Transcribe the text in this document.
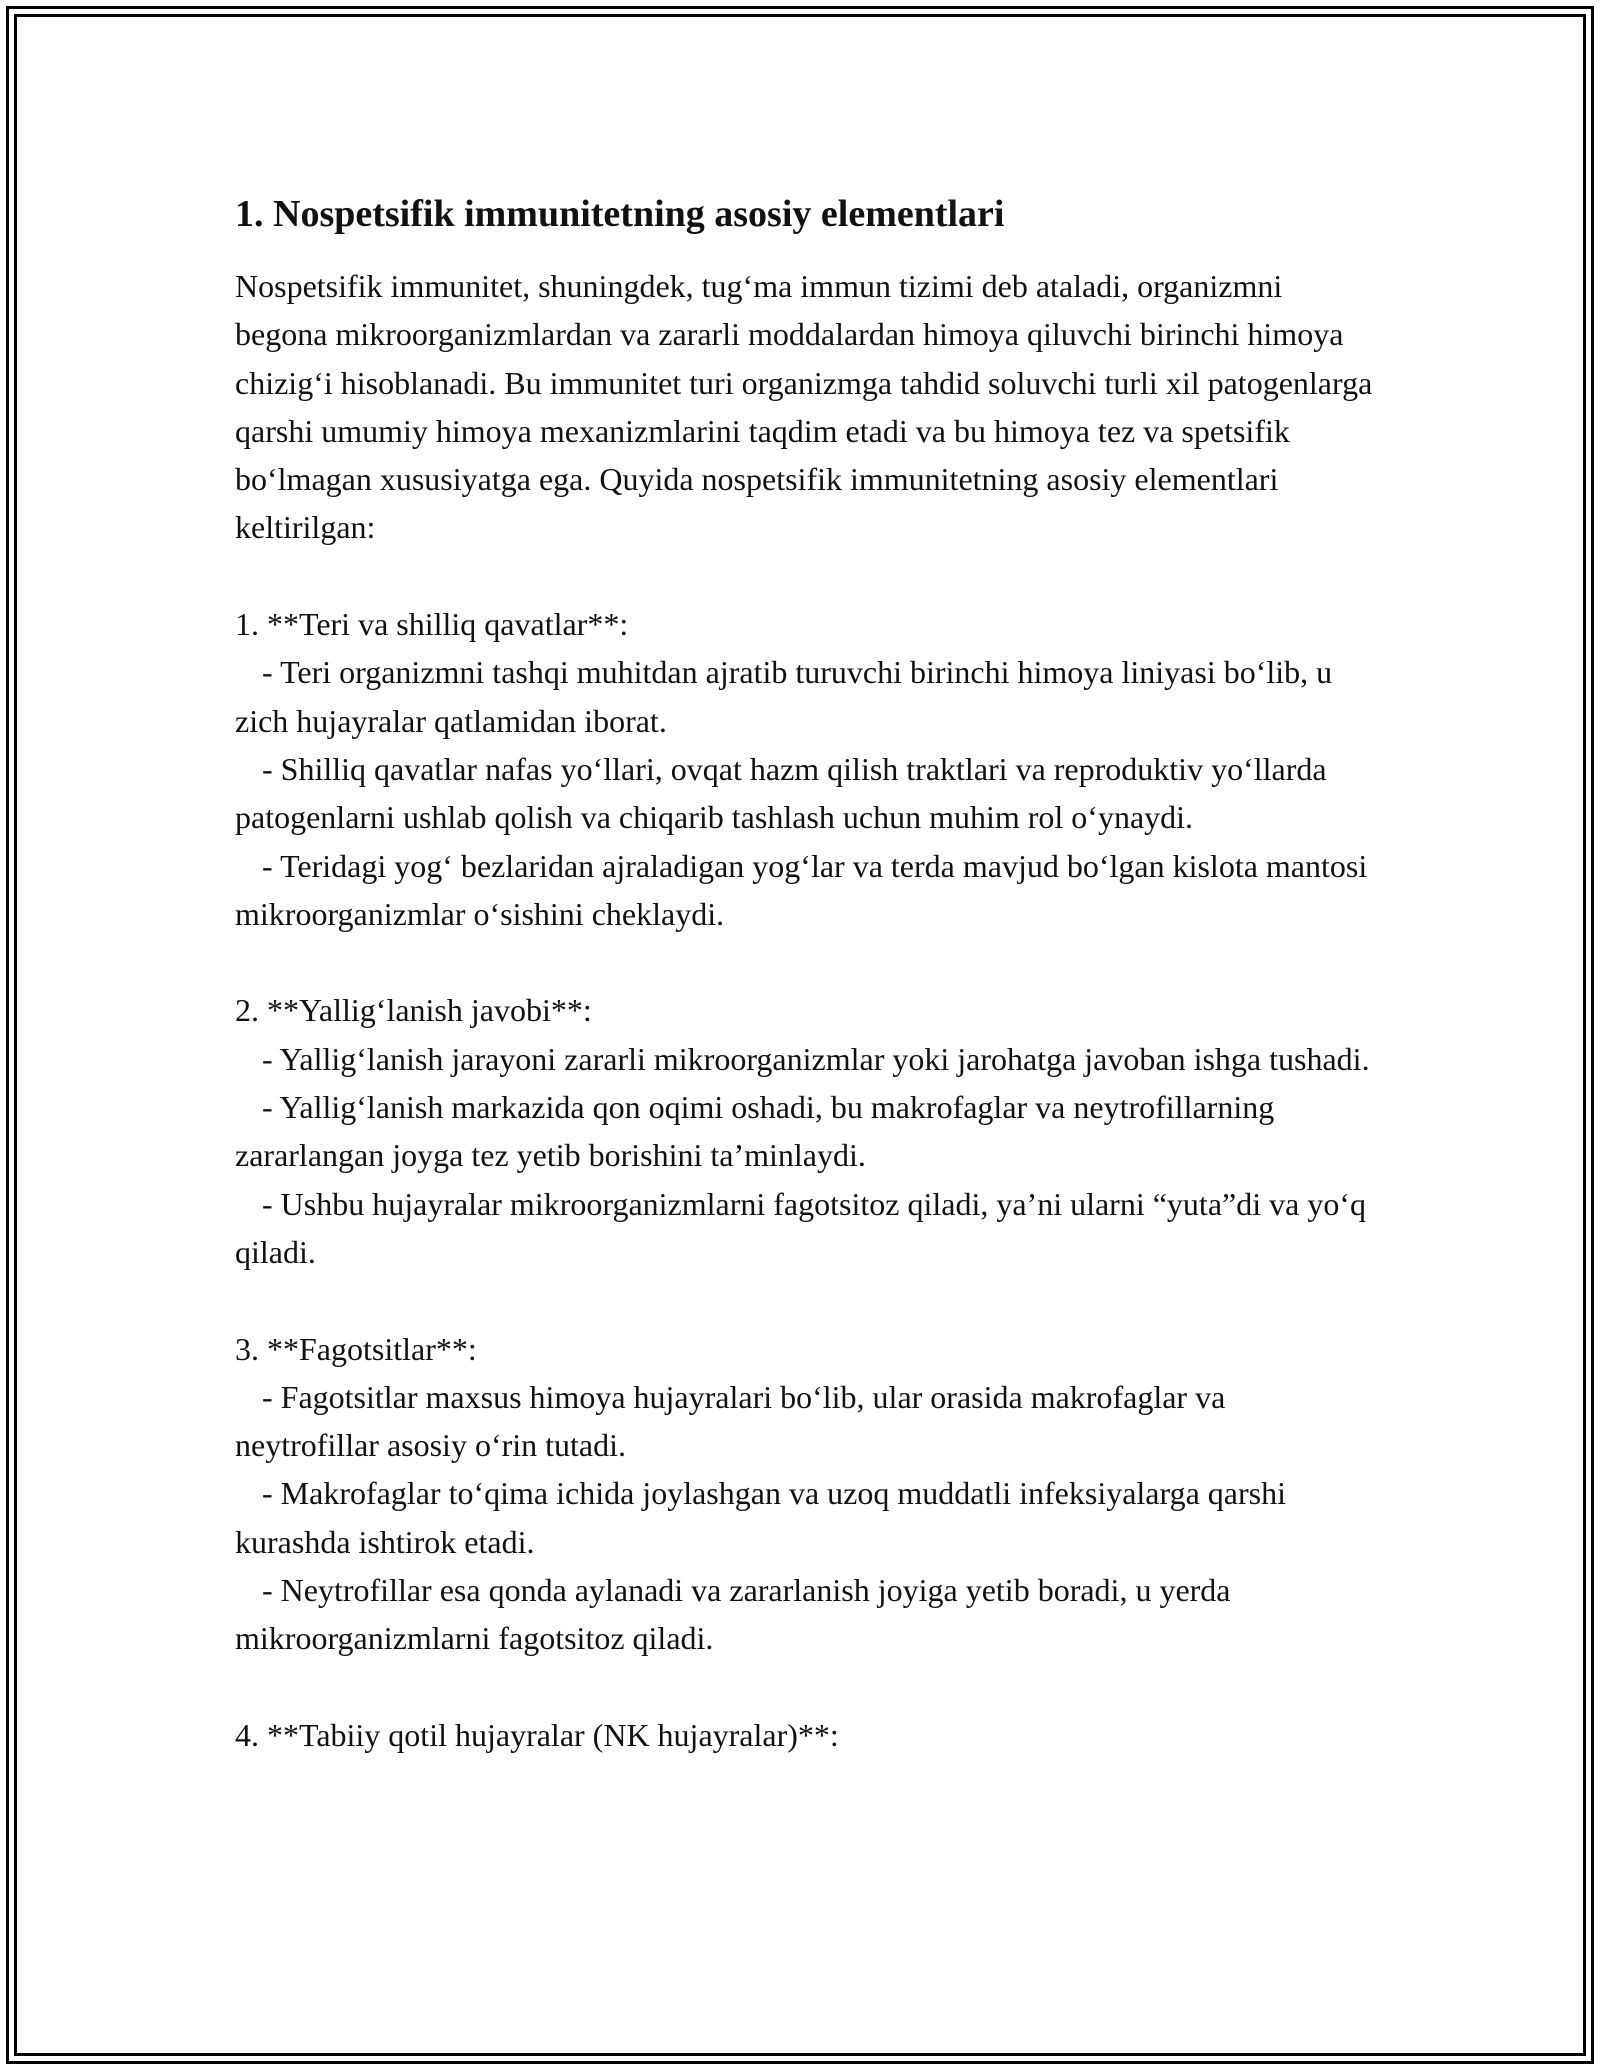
1. Nospetsifik immunitetning asosiy elementlari

Nospetsifik immunitet, shuningdek, tug‘ma immun tizimi deb ataladi, organizmni begona mikroorganizmlardan va zararli moddalardan himoya qiluvchi birinchi himoya chizig‘i hisoblanadi. Bu immunitet turi organizmga tahdid soluvchi turli xil patogenlarga qarshi umumiy himoya mexanizmlarini taqdim etadi va bu himoya tez va spetsifik bo‘lmagan xususiyatga ega. Quyida nospetsifik immunitetning asosiy elementlari keltirilgan:

1. **Teri va shilliq qavatlar**:

- Teri organizmni tashqi muhitdan ajratib turuvchi birinchi himoya liniyasi bo‘lib, u zich hujayralar qatlamidan iborat.

- Shilliq qavatlar nafas yo‘llari, ovqat hazm qilish traktlari va reproduktiv yo‘llarda patogenlarni ushlab qolish va chiqarib tashlash uchun muhim rol o‘ynaydi.

- Teridagi yog‘ bezlaridan ajraladigan yog‘lar va terda mavjud bo‘lgan kislota mantosi mikroorganizmlar o‘sishini cheklaydi.

2. **Yallig‘lanish javobi**:

- Yallig‘lanish jarayoni zararli mikroorganizmlar yoki jarohatga javoban ishga tushadi.

- Yallig‘lanish markazida qon oqimi oshadi, bu makrofaglar va neytrofillarning zararlangan joyga tez yetib borishini ta’minlaydi.

- Ushbu hujayralar mikroorganizmlarni fagotsitoz qiladi, ya’ni ularni “yuta”di va yo‘q qiladi.

3. **Fagotsitlar**:

- Fagotsitlar maxsus himoya hujayralari bo‘lib, ular orasida makrofaglar va neytrofillar asosiy o‘rin tutadi.

- Makrofaglar to‘qima ichida joylashgan va uzoq muddatli infeksiyalarga qarshi kurashda ishtirok etadi.

- Neytrofillar esa qonda aylanadi va zararlanish joyiga yetib boradi, u yerda mikroorganizmlarni fagotsitoz qiladi.

4. **Tabiiy qotil hujayralar (NK hujayralar)**:
